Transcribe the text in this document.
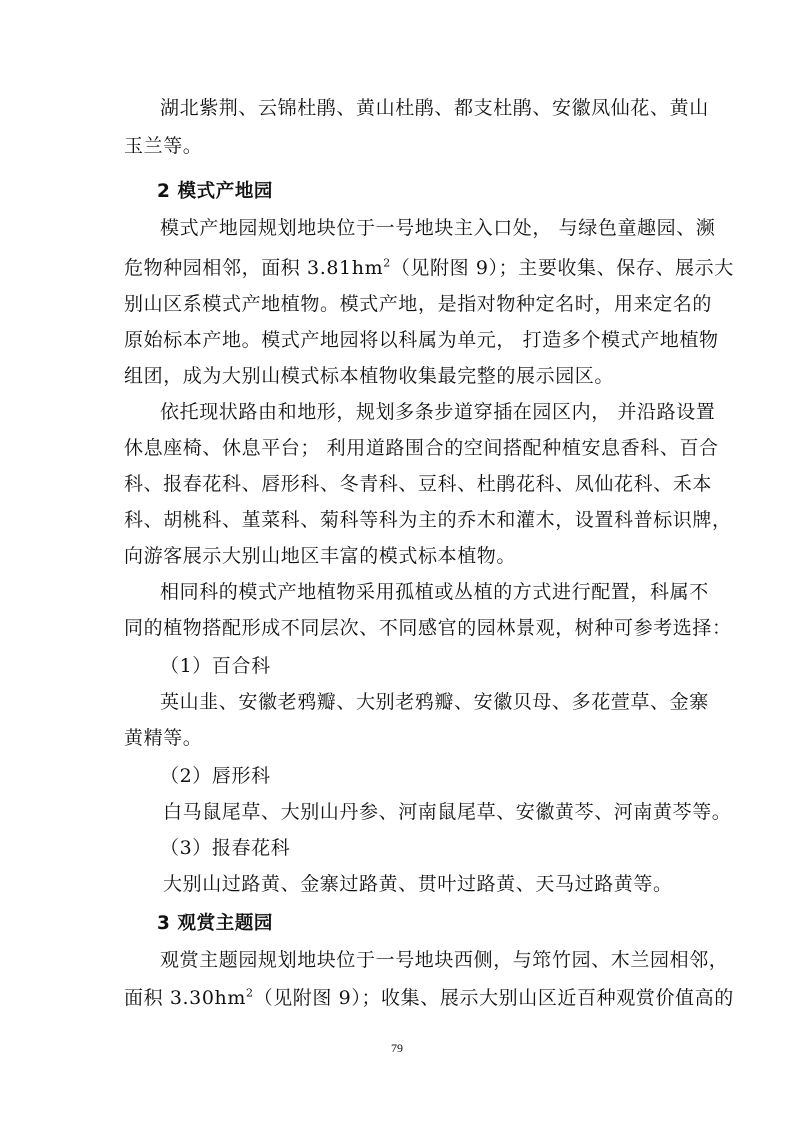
湖北紫荆、云锦杜鹃、黄山杜鹃、都支杜鹃、安徽凤仙花、黄山
玉兰等。
2 模式产地园
模式产地园规划地块位于一号地块主入口处， 与绿色童趣园、濒
危物种园相邻，面积 $3.81hm^2$（见附图 9）；主要收集、保存、展示大
别山区系模式产地植物。模式产地，是指对物种定名时，用来定名的
原始标本产地。模式产地园将以科属为单元， 打造多个模式产地植物
组团，成为大别山模式标本植物收集最完整的展示园区。
依托现状路由和地形，规划多条步道穿插在园区内， 并沿路设置
休息座椅、休息平台； 利用道路围合的空间搭配种植安息香科、百合
科、报春花科、唇形科、冬青科、豆科、杜鹃花科、凤仙花科、禾本
科、胡桃科、堇菜科、菊科等科为主的乔木和灌木，设置科普标识牌，
向游客展示大别山地区丰富的模式标本植物。
相同科的模式产地植物采用孤植或丛植的方式进行配置，科属不
同的植物搭配形成不同层次、不同感官的园林景观，树种可参考选择：
（1）百合科
英山韭、安徽老鸦瓣、大别老鸦瓣、安徽贝母、多花萱草、金寨
黄精等。
（2）唇形科
白马鼠尾草、大别山丹参、河南鼠尾草、安徽黄芩、河南黄芩等。
（3）报春花科
大别山过路黄、金寨过路黄、贯叶过路黄、天马过路黄等。
3 观赏主题园
观赏主题园规划地块位于一号地块西侧，与筇竹园、木兰园相邻，
面积 $3.30hm^2$（见附图 9）；收集、展示大别山区近百种观赏价值高的
79
